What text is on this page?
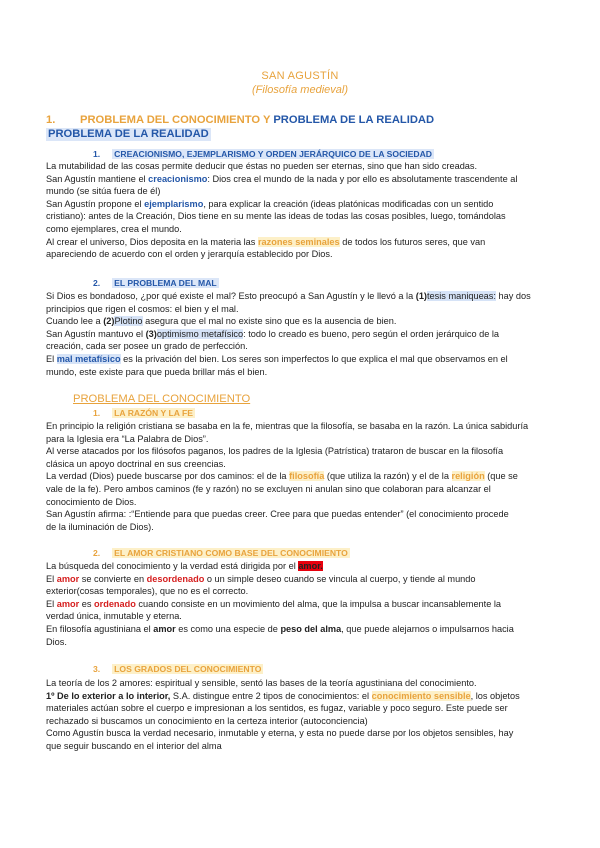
SAN AGUSTÍN
(Filosofía medieval)
1. PROBLEMA DEL CONOCIMIENTO Y PROBLEMA DE LA REALIDAD
PROBLEMA DE LA REALIDAD
1. CREACIONISMO, EJEMPLARISMO Y ORDEN JERÁRQUICO DE LA SOCIEDAD

La mutabilidad de las cosas permite deducir que éstas no pueden ser eternas, sino que han sido creadas.

San Agustín mantiene el creacionismo: Dios crea el mundo de la nada y por ello es absolutamente trascendente al

mundo (se sitúa fuera de él)

San Agustín propone el ejemplarismo, para explicar la creación (ideas platónicas modificadas con un sentido

cristiano): antes de la Creación, Dios tiene en su mente las ideas de todas las cosas posibles, luego, tomándolas

como ejemplares, crea el mundo.

Al crear el universo, Dios deposita en la materia las razones seminales de todos los futuros seres, que van

apareciendo de acuerdo con el orden y jerarquía establecido por Dios.

2. EL PROBLEMA DEL MAL

Si Dios es bondadoso, ¿por qué existe el mal? Esto preocupó a San Agustín y le llevó a la (1)tesis maniqueas: hay dos

principios que rigen el cosmos: el bien y el mal.

Cuando lee a (2)Plotino asegura que el mal no existe sino que es la ausencia de bien.

San Agustín mantuvo el (3)optimismo metafísico: todo lo creado es bueno, pero según el orden jerárquico de la

creación, cada ser posee un grado de perfección.

El mal metafísico es la privación del bien. Los seres son imperfectos lo que explica el mal que observamos en el

mundo, este existe para que pueda brillar más el bien.

PROBLEMA DEL CONOCIMIENTO
1. LA RAZÓN Y LA FE

En principio la religión cristiana se basaba en la fe, mientras que la filosofía, se basaba en la razón. La única sabiduría

para la Iglesia era “La Palabra de Dios”.

Al verse atacados por los filósofos paganos, los padres de la Iglesia (Patrística) trataron de buscar en la filosofía

clásica un apoyo doctrinal en sus creencias.

La verdad (Dios) puede buscarse por dos caminos: el de la filosofía (que utiliza la razón) y el de la religión (que se

vale de la fe). Pero ambos caminos (fe y razón) no se excluyen ni anulan sino que colaboran para alcanzar el

conocimiento de Dios.

San Agustín afirma: :“Entiende para que puedas creer. Cree para que puedas entender” (el conocimiento procede

de la iluminación de Dios).

2. EL AMOR CRISTIANO COMO BASE DEL CONOCIMIENTO

La búsqueda del conocimiento y la verdad está dirigida por el amor.

El amor se convierte en desordenado o un simple deseo cuando se vincula al cuerpo, y tiende al mundo

exterior(cosas temporales), que no es el correcto.

El amor es ordenado cuando consiste en un movimiento del alma, que la impulsa a buscar incansablemente la

verdad única, inmutable y eterna.

En filosofía agustiniana el amor es como una especie de peso del alma, que puede alejarnos o impulsarnos hacia

Dios.

3. LOS GRADOS DEL CONOCIMIENTO

La teoría de los 2 amores: espiritual y sensible, sentó las bases de la teoría agustiniana del conocimiento.

1º De lo exterior a lo interior, S.A. distingue entre 2 tipos de conocimientos: el conocimiento sensible, los objetos

materiales actúan sobre el cuerpo e impresionan a los sentidos, es fugaz, variable y poco seguro. Este puede ser

rechazado si buscamos un conocimiento en la certeza interior (autoconciencia)

Como Agustín busca la verdad necesario, inmutable y eterna, y esta no puede darse por los objetos sensibles, hay

que seguir buscando en el interior del alma
